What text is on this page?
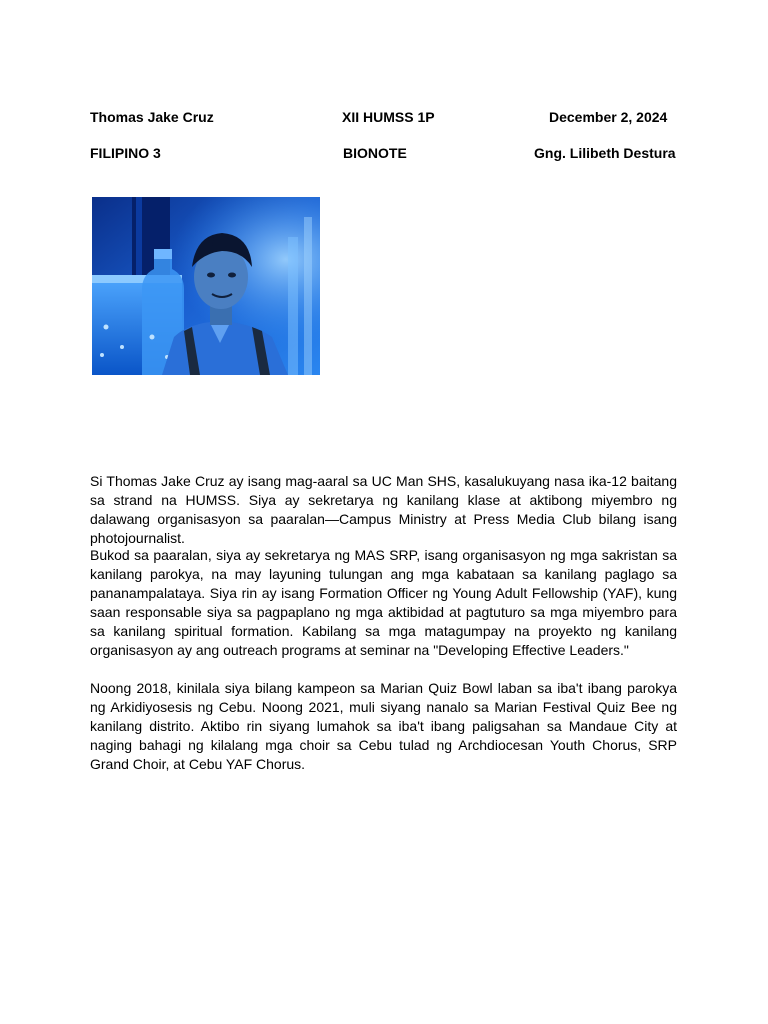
Thomas Jake Cruz	XII HUMSS 1P	December 2, 2024
FILIPINO 3	BIONOTE	Gng. Lilibeth Destura

Si Thomas Jake Cruz ay isang mag-aaral sa UC Man SHS, kasalukuyang nasa ika-12 baitang sa strand na HUMSS. Siya ay sekretarya ng kanilang klase at aktibong miyembro ng dalawang organisasyon sa paaralan—Campus Ministry at Press Media Club bilang isang photojournalist.

Bukod sa paaralan, siya ay sekretarya ng MAS SRP, isang organisasyon ng mga sakristan sa kanilang parokya, na may layuning tulungan ang mga kabataan sa kanilang paglago sa pananampalataya. Siya rin ay isang Formation Officer ng Young Adult Fellowship (YAF), kung saan responsable siya sa pagpaplano ng mga aktibidad at pagtuturo sa mga miyembro para sa kanilang spiritual formation. Kabilang sa mga matagumpay na proyekto ng kanilang organisasyon ay ang outreach programs at seminar na "Developing Effective Leaders."

Noong 2018, kinilala siya bilang kampeon sa Marian Quiz Bowl laban sa iba't ibang parokya ng Arkidiyosesis ng Cebu. Noong 2021, muli siyang nanalo sa Marian Festival Quiz Bee ng kanilang distrito. Aktibo rin siyang lumahok sa iba't ibang paligsahan sa Mandaue City at naging bahagi ng kilalang mga choir sa Cebu tulad ng Archdiocesan Youth Chorus, SRP Grand Choir, at Cebu YAF Chorus.
